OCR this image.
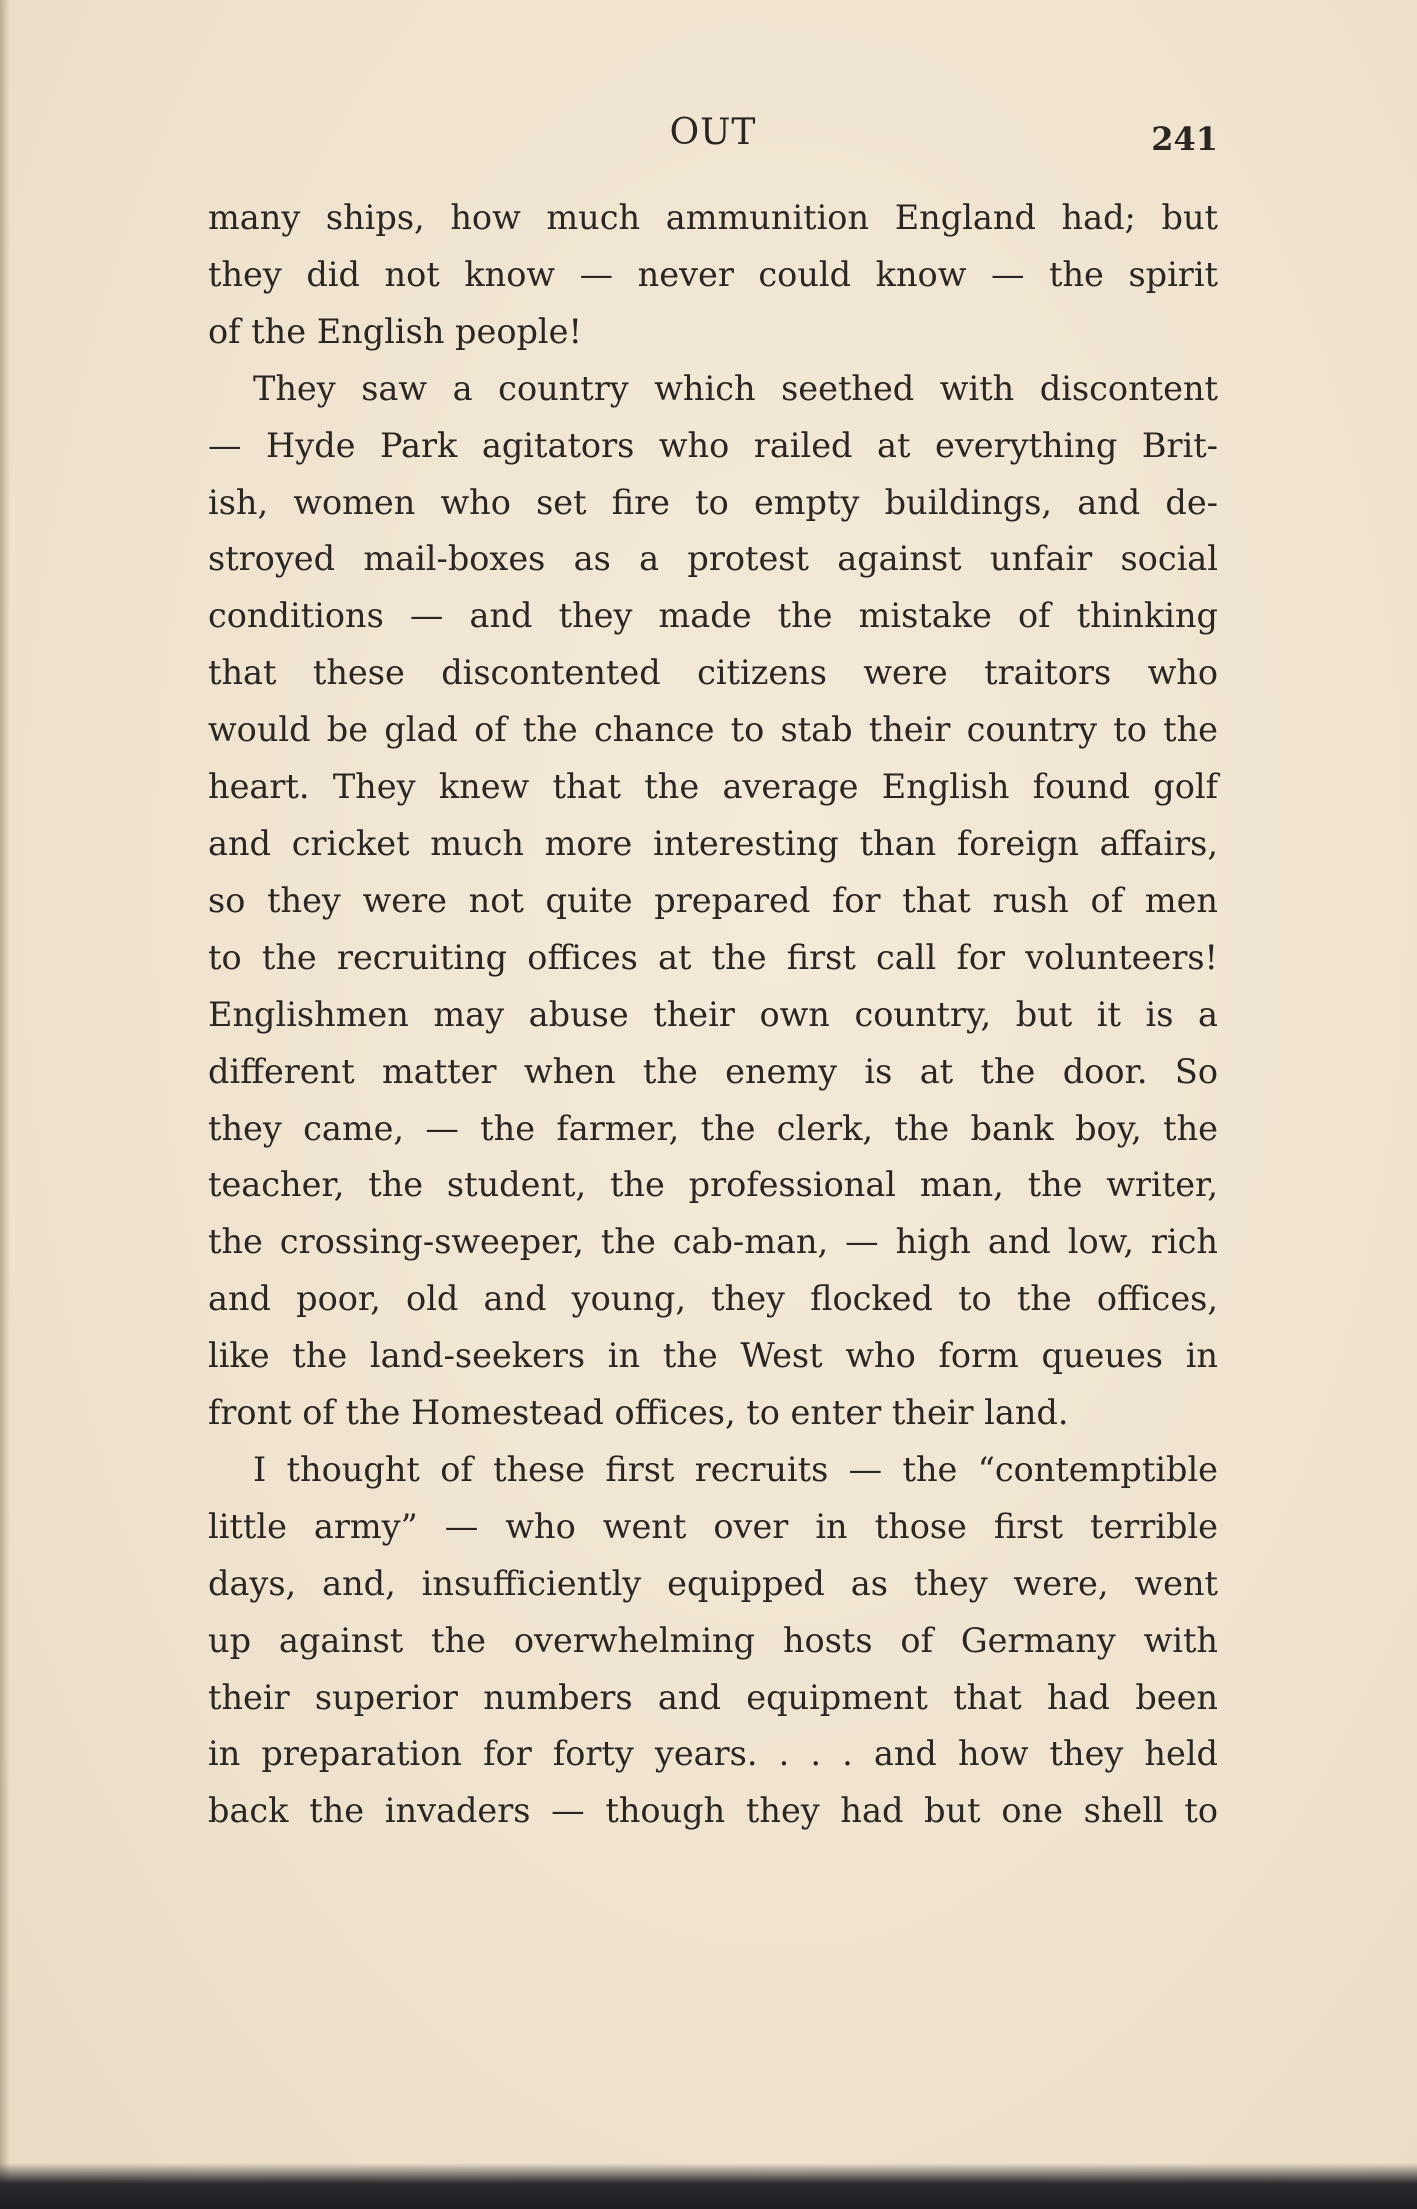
OUT	241
many ships, how much ammunition England had; but
they did not know — never could know — the spirit
of the English people!
They saw a country which seethed with discontent
— Hyde Park agitators who railed at everything Brit-
ish, women who set fire to empty buildings, and de-
stroyed mail-boxes as a protest against unfair social
conditions — and they made the mistake of thinking
that these discontented citizens were traitors who
would be glad of the chance to stab their country to the
heart. They knew that the average English found golf
and cricket much more interesting than foreign affairs,
so they were not quite prepared for that rush of men
to the recruiting offices at the first call for volunteers!
Englishmen may abuse their own country, but it is a
different matter when the enemy is at the door. So
they came, — the farmer, the clerk, the bank boy, the
teacher, the student, the professional man, the writer,
the crossing-sweeper, the cab-man, — high and low, rich
and poor, old and young, they flocked to the offices,
like the land-seekers in the West who form queues in
front of the Homestead offices, to enter their land.
I thought of these first recruits — the “contemptible
little army” — who went over in those first terrible
days, and, insufficiently equipped as they were, went
up against the overwhelming hosts of Germany with
their superior numbers and equipment that had been
in preparation for forty years. . . . and how they held
back the invaders — though they had but one shell to
